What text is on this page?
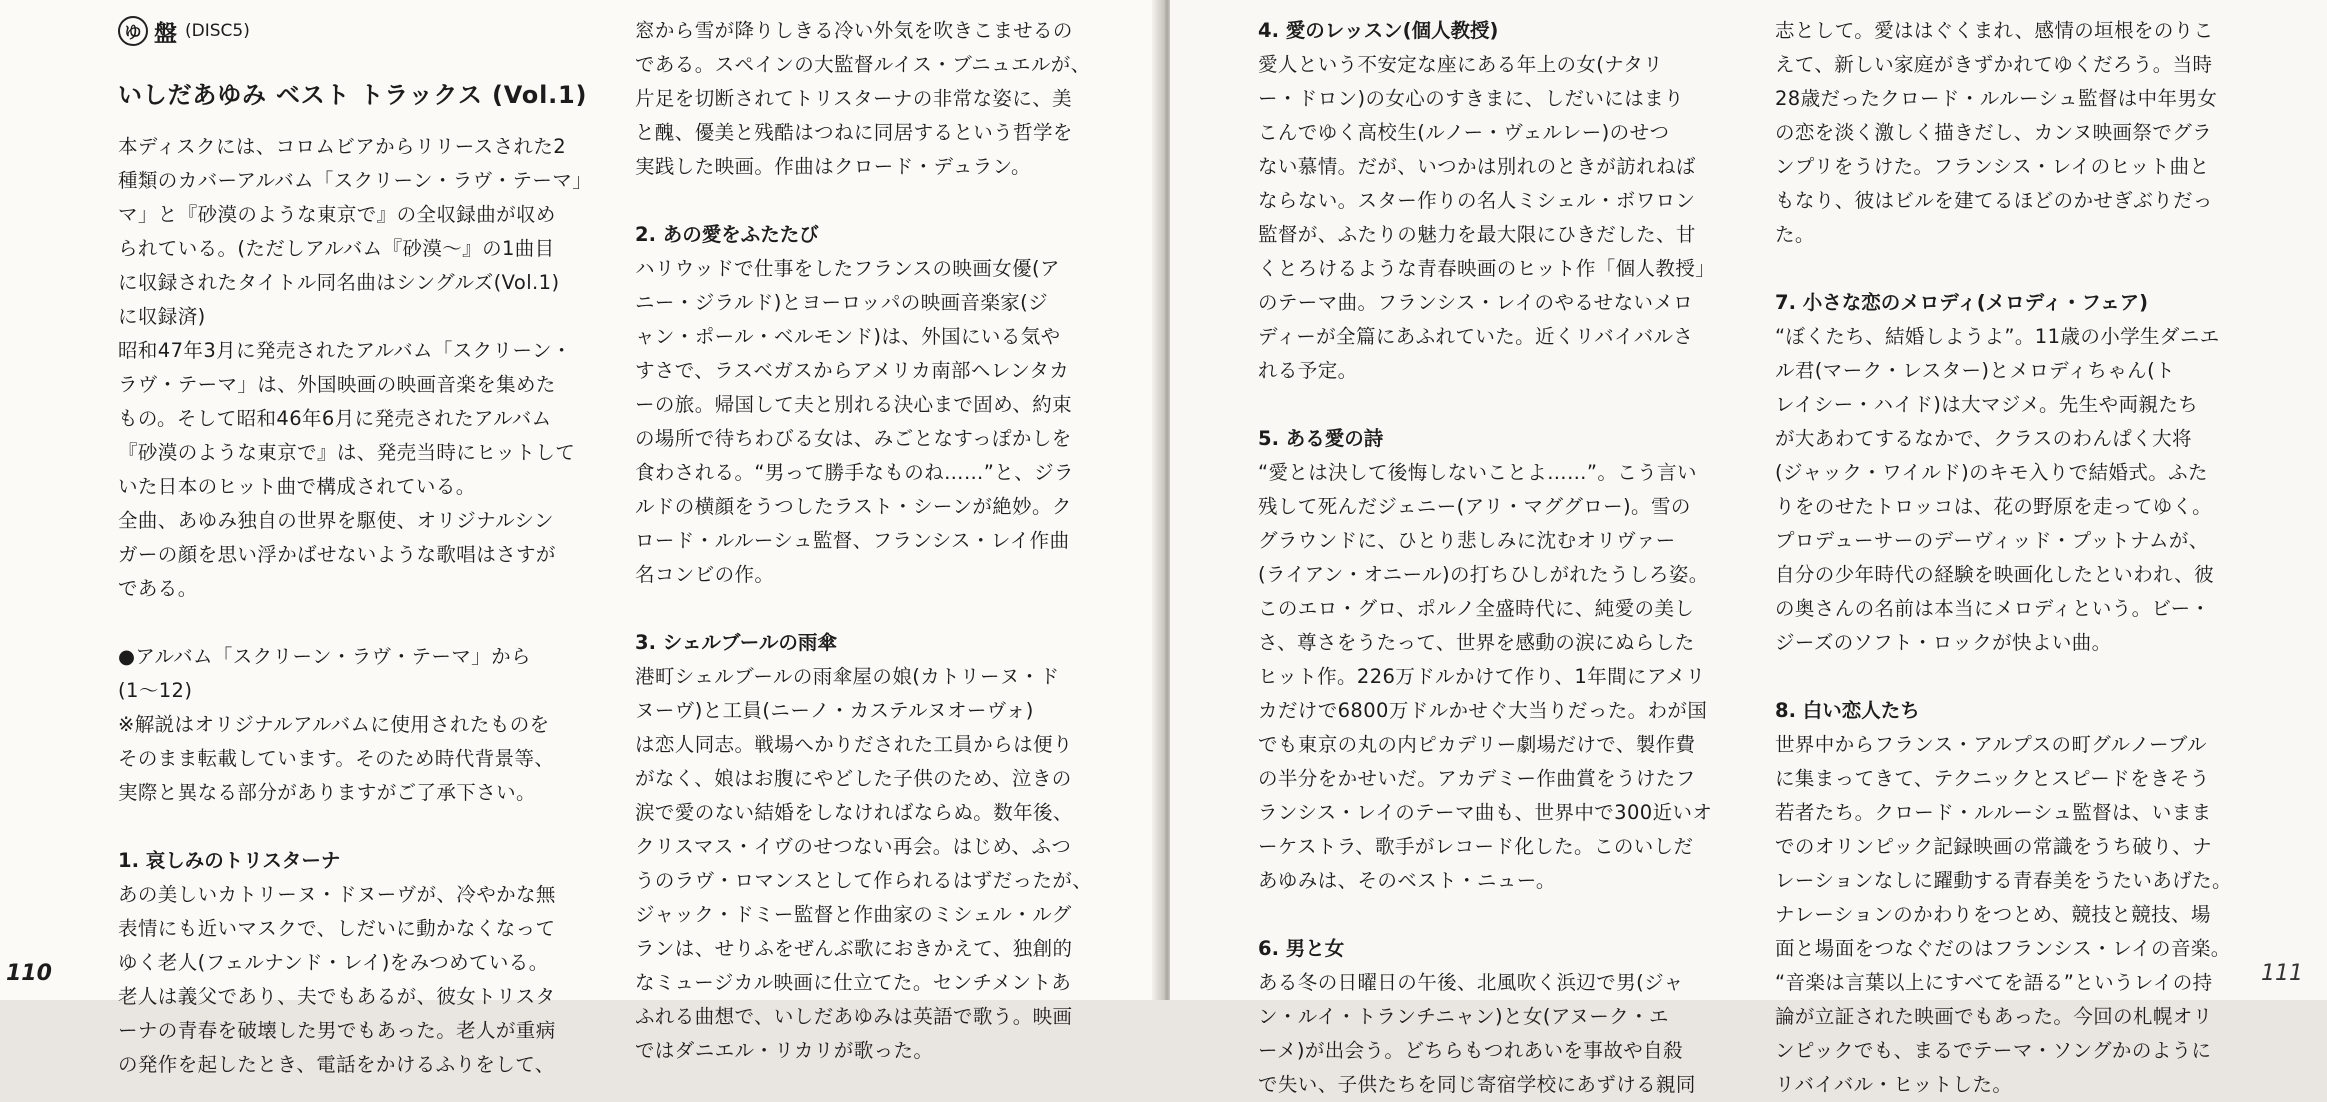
ゆ 盤 (DISC5)
いしだあゆみ ベスト トラックス (Vol.1)

本ディスクには、コロムビアからリリースされた2

種類のカバーアルバム「スクリーン・ラヴ・テーマ」

マ」と『砂漠のような東京で』の全収録曲が収め

られている。(ただしアルバム『砂漠〜』の1曲目

に収録されたタイトル同名曲はシングルズ(Vol.1)

に収録済)

昭和47年3月に発売されたアルバム「スクリーン・

ラヴ・テーマ」は、外国映画の映画音楽を集めた

もの。そして昭和46年6月に発売されたアルバム

『砂漠のような東京で』は、発売当時にヒットして

いた日本のヒット曲で構成されている。

全曲、あゆみ独自の世界を駆使、オリジナルシン

ガーの顔を思い浮かばせないような歌唱はさすが

である。

●アルバム「スクリーン・ラヴ・テーマ」から

(1〜12)

※解説はオリジナルアルバムに使用されたものを

そのまま転載しています。そのため時代背景等、

実際と異なる部分がありますがご了承下さい。

1. 哀しみのトリスターナ

あの美しいカトリーヌ・ドヌーヴが、冷やかな無

表情にも近いマスクで、しだいに動かなくなって

ゆく老人(フェルナンド・レイ)をみつめている。

老人は義父であり、夫でもあるが、彼女トリスタ

ーナの青春を破壊した男でもあった。老人が重病

の発作を起したとき、電話をかけるふりをして、

窓から雪が降りしきる冷い外気を吹きこませるの

である。スペインの大監督ルイス・ブニュエルが、

片足を切断されてトリスターナの非常な姿に、美

と醜、優美と残酷はつねに同居するという哲学を

実践した映画。作曲はクロード・デュラン。

2. あの愛をふたたび

ハリウッドで仕事をしたフランスの映画女優(ア

ニー・ジラルド)とヨーロッパの映画音楽家(ジ

ャン・ポール・ベルモンド)は、外国にいる気や

すさで、ラスベガスからアメリカ南部ヘレンタカ

ーの旅。帰国して夫と別れる決心まで固め、約束

の場所で待ちわびる女は、みごとなすっぽかしを

食わされる。“男って勝手なものね……”と、ジラ

ルドの横顔をうつしたラスト・シーンが絶妙。ク

ロード・ルルーシュ監督、フランシス・レイ作曲

名コンビの作。

3. シェルブールの雨傘

港町シェルブールの雨傘屋の娘(カトリーヌ・ド

ヌーヴ)と工員(ニーノ・カステルヌオーヴォ)

は恋人同志。戦場へかりだされた工員からは便り

がなく、娘はお腹にやどした子供のため、泣きの

涙で愛のない結婚をしなければならぬ。数年後、

クリスマス・イヴのせつない再会。はじめ、ふつ

うのラヴ・ロマンスとして作られるはずだったが、

ジャック・ドミー監督と作曲家のミシェル・ルグ

ランは、せりふをぜんぶ歌におきかえて、独創的

なミュージカル映画に仕立てた。センチメントあ

ふれる曲想で、いしだあゆみは英語で歌う。映画

ではダニエル・リカリが歌った。

110
4. 愛のレッスン(個人教授)

愛人という不安定な座にある年上の女(ナタリ

ー・ドロン)の女心のすきまに、しだいにはまり

こんでゆく高校生(ルノー・ヴェルレー)のせつ

ない慕情。だが、いつかは別れのときが訪れねば

ならない。スター作りの名人ミシェル・ボワロン

監督が、ふたりの魅力を最大限にひきだした、甘

くとろけるような青春映画のヒット作「個人教授」

のテーマ曲。フランシス・レイのやるせないメロ

ディーが全篇にあふれていた。近くリバイバルさ

れる予定。

5. ある愛の詩

“愛とは決して後悔しないことよ……”。こう言い

残して死んだジェニー(アリ・マググロー)。雪の

グラウンドに、ひとり悲しみに沈むオリヴァー

(ライアン・オニール)の打ちひしがれたうしろ姿。

このエロ・グロ、ポルノ全盛時代に、純愛の美し

さ、尊さをうたって、世界を感動の涙にぬらした

ヒット作。226万ドルかけて作り、1年間にアメリ

カだけで6800万ドルかせぐ大当りだった。わが国

でも東京の丸の内ピカデリー劇場だけで、製作費

の半分をかせいだ。アカデミー作曲賞をうけたフ

ランシス・レイのテーマ曲も、世界中で300近いオ

ーケストラ、歌手がレコード化した。このいしだ

あゆみは、そのベスト・ニュー。

6. 男と女

ある冬の日曜日の午後、北風吹く浜辺で男(ジャ

ン・ルイ・トランチニャン)と女(アヌーク・エ

ーメ)が出会う。どちらもつれあいを事故や自殺

で失い、子供たちを同じ寄宿学校にあずける親同

志として。愛ははぐくまれ、感情の垣根をのりこ

えて、新しい家庭がきずかれてゆくだろう。当時

28歳だったクロード・ルルーシュ監督は中年男女

の恋を淡く激しく描きだし、カンヌ映画祭でグラ

ンプリをうけた。フランシス・レイのヒット曲と

もなり、彼はビルを建てるほどのかせぎぶりだっ

た。

7. 小さな恋のメロディ(メロディ・フェア)

“ぼくたち、結婚しようよ”。11歳の小学生ダニエ

ル君(マーク・レスター)とメロディちゃん(ト

レイシー・ハイド)は大マジメ。先生や両親たち

が大あわてするなかで、クラスのわんぱく大将

(ジャック・ワイルド)のキモ入りで結婚式。ふた

りをのせたトロッコは、花の野原を走ってゆく。

プロデューサーのデーヴィッド・プットナムが、

自分の少年時代の経験を映画化したといわれ、彼

の奥さんの名前は本当にメロディという。ビー・

ジーズのソフト・ロックが快よい曲。

8. 白い恋人たち

世界中からフランス・アルプスの町グルノーブル

に集まってきて、テクニックとスピードをきそう

若者たち。クロード・ルルーシュ監督は、いまま

でのオリンピック記録映画の常識をうち破り、ナ

レーションなしに躍動する青春美をうたいあげた。

ナレーションのかわりをつとめ、競技と競技、場

面と場面をつなぐだのはフランシス・レイの音楽。

“音楽は言葉以上にすべてを語る”というレイの持

論が立証された映画でもあった。今回の札幌オリ

ンピックでも、まるでテーマ・ソングかのように

リバイバル・ヒットした。

111
